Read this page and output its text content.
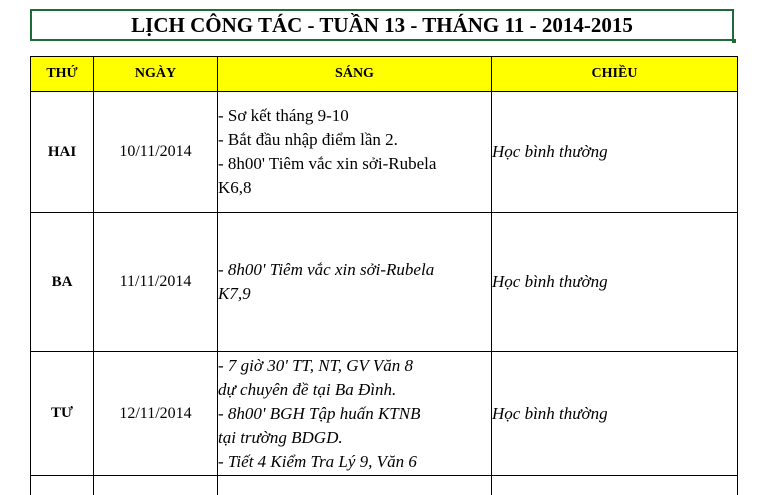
LỊCH CÔNG TÁC - TUẦN 13 - THÁNG 11 - 2014-2015
THỨ	NGÀY	SÁNG	CHIỀU
HAI	10/11/2014	- Sơ kết tháng 9-10
- Bắt đầu nhập điểm lần 2.
- 8h00' Tiêm vắc xin sởi-Rubela
K6,8	Học bình thường
BA	11/11/2014	- 8h00' Tiêm vắc xin sởi-Rubela
K7,9	Học bình thường
TƯ	12/11/2014	- 7 giờ 30' TT, NT, GV Văn 8
dự chuyên đề tại Ba Đình.
- 8h00' BGH Tập huấn KTNB
tại trường BDGD.
- Tiết 4 Kiểm Tra Lý 9, Văn 6	Học bình thường
